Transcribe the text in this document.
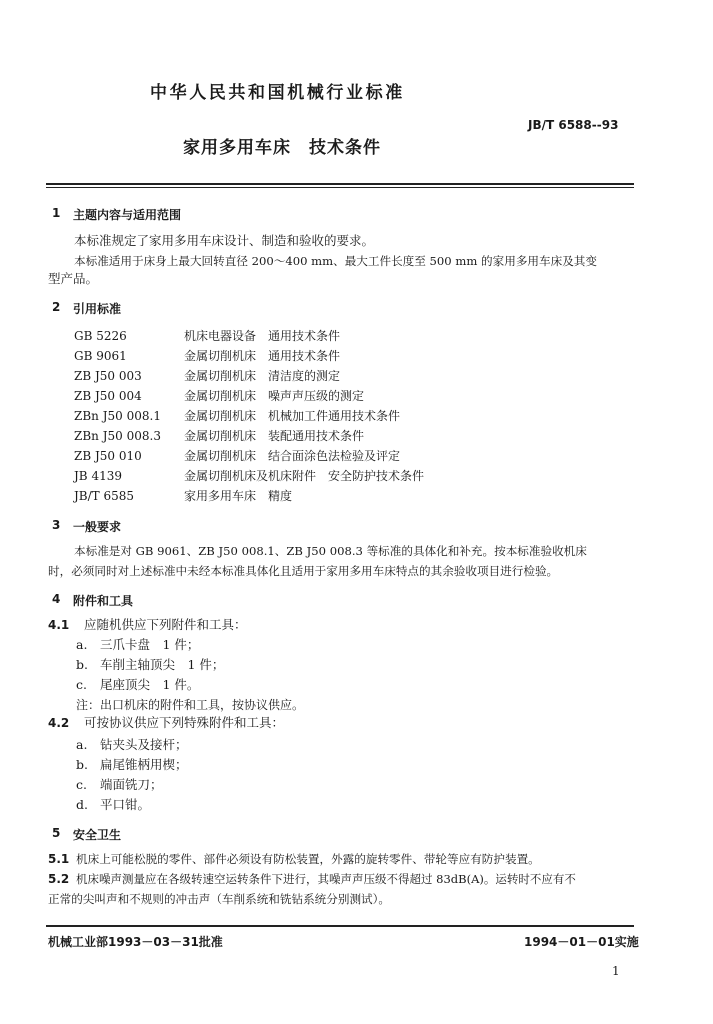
中华人民共和国机械行业标准
JB/T 6588--93
家用多用车床　技术条件
1 主题内容与适用范围
本标准规定了家用多用车床设计、制造和验收的要求。
本标准适用于床身上最大回转直径 200～400 mm、最大工件长度至 500 mm 的家用多用车床及其变
型产品。
2 引用标准
GB 5226	机床电器设备　通用技术条件
GB 9061	金属切削机床　通用技术条件
ZB J50 003	金属切削机床　清洁度的测定
ZB J50 004	金属切削机床　噪声声压级的测定
ZBn J50 008.1 金属切削机床　机械加工件通用技术条件
ZBn J50 008.3 金属切削机床　装配通用技术条件
ZB J50 010	金属切削机床　结合面涂色法检验及评定
JB 4139	金属切削机床及机床附件　安全防护技术条件
JB/T 6585	家用多用车床　精度
3 一般要求
本标准是对 GB 9061、ZB J50 008.1、ZB J50 008.3 等标准的具体化和补充。按本标准验收机床
时，必须同时对上述标准中未经本标准具体化且适用于家用多用车床特点的其余验收项目进行检验。
4 附件和工具
4.1 应随机供应下列附件和工具：
a. 三爪卡盘　1 件；
b. 车削主轴顶尖　1 件；
c. 尾座顶尖　1 件。
注：出口机床的附件和工具，按协议供应。
4.2 可按协议供应下列特殊附件和工具：
a. 钻夹头及接杆；
b. 扁尾锥柄用楔；
c. 端面铣刀；
d. 平口钳。
5 安全卫生
5.1 机床上可能松脱的零件、部件必须设有防松装置，外露的旋转零件、带轮等应有防护装置。
5.2 机床噪声测量应在各级转速空运转条件下进行，其噪声声压级不得超过 83dB(A)。运转时不应有不
正常的尖叫声和不规则的冲击声（车削系统和铣钻系统分别测试）。
机械工业部1993－03－31批准	1994－01－01实施
1
